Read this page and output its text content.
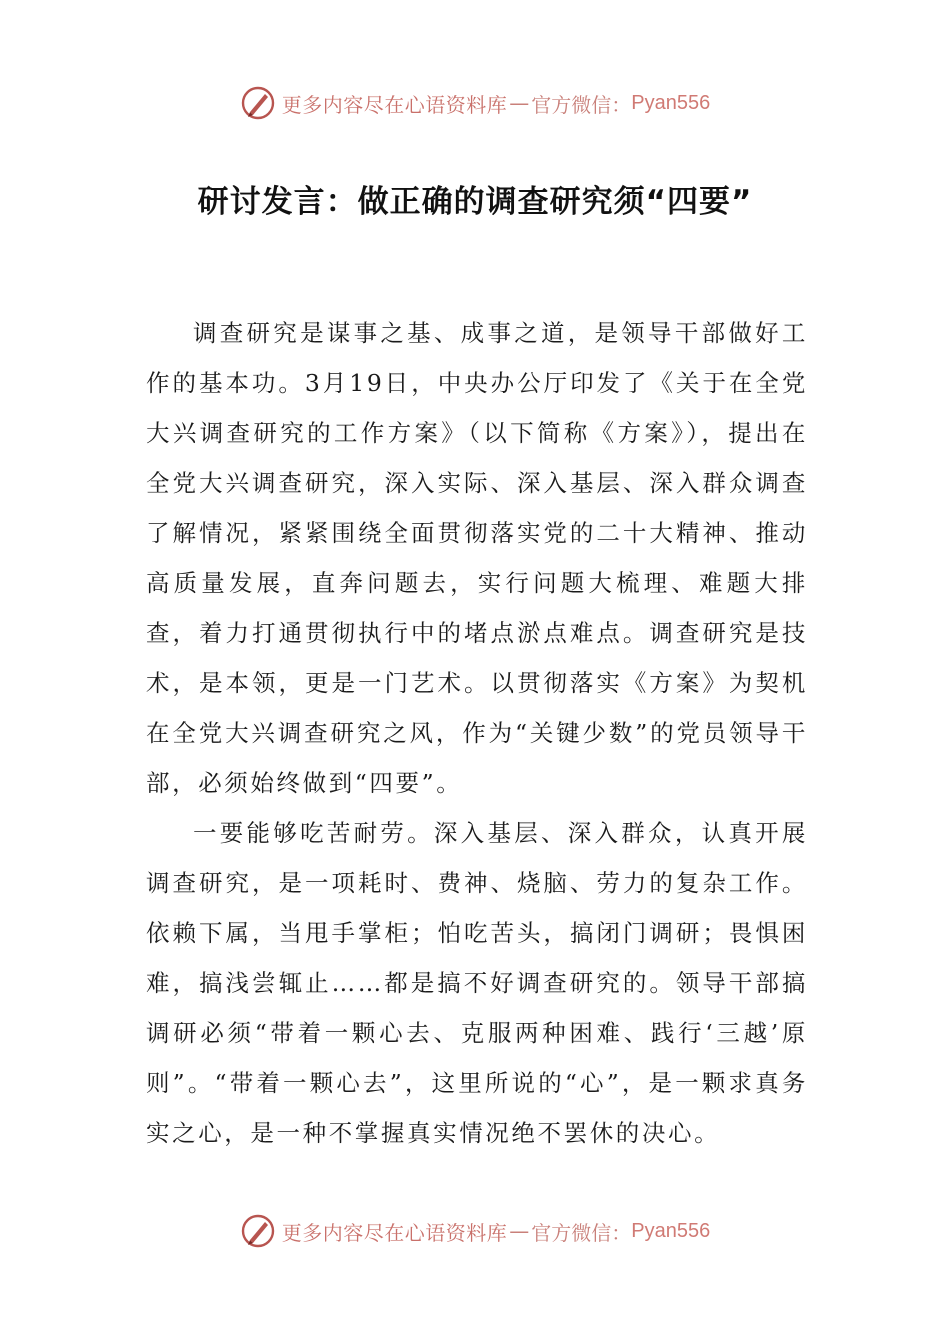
更多内容尽在心语资料库 — 官方微信： Pyan556
研讨发言：做正确的调查研究须“四要”

调查研究是谋事之基、成事之道，是领导干部做好工作的基本功。3月19日，中央办公厅印发了《关于在全党大兴调查研究的工作方案》（以下简称《方案》），提出在全党大兴调查研究，深入实际、深入基层、深入群众调查了解情况，紧紧围绕全面贯彻落实党的二十大精神、推动高质量发展，直奔问题去，实行问题大梳理、难题大排查，着力打通贯彻执行中的堵点淤点难点。调查研究是技术，是本领，更是一门艺术。以贯彻落实《方案》为契机在全党大兴调查研究之风，作为“关键少数”的党员领导干部，必须始终做到“四要”。

一要能够吃苦耐劳。深入基层、深入群众，认真开展调查研究，是一项耗时、费神、烧脑、劳力的复杂工作。依赖下属，当甩手掌柜；怕吃苦头，搞闭门调研；畏惧困难，搞浅尝辄止……都是搞不好调查研究的。领导干部搞调研必须“带着一颗心去、克服两种困难、践行‘三越’原则”。“带着一颗心去”，这里所说的“心”，是一颗求真务实之心，是一种不掌握真实情况绝不罢休的决心。

更多内容尽在心语资料库 — 官方微信： Pyan556
